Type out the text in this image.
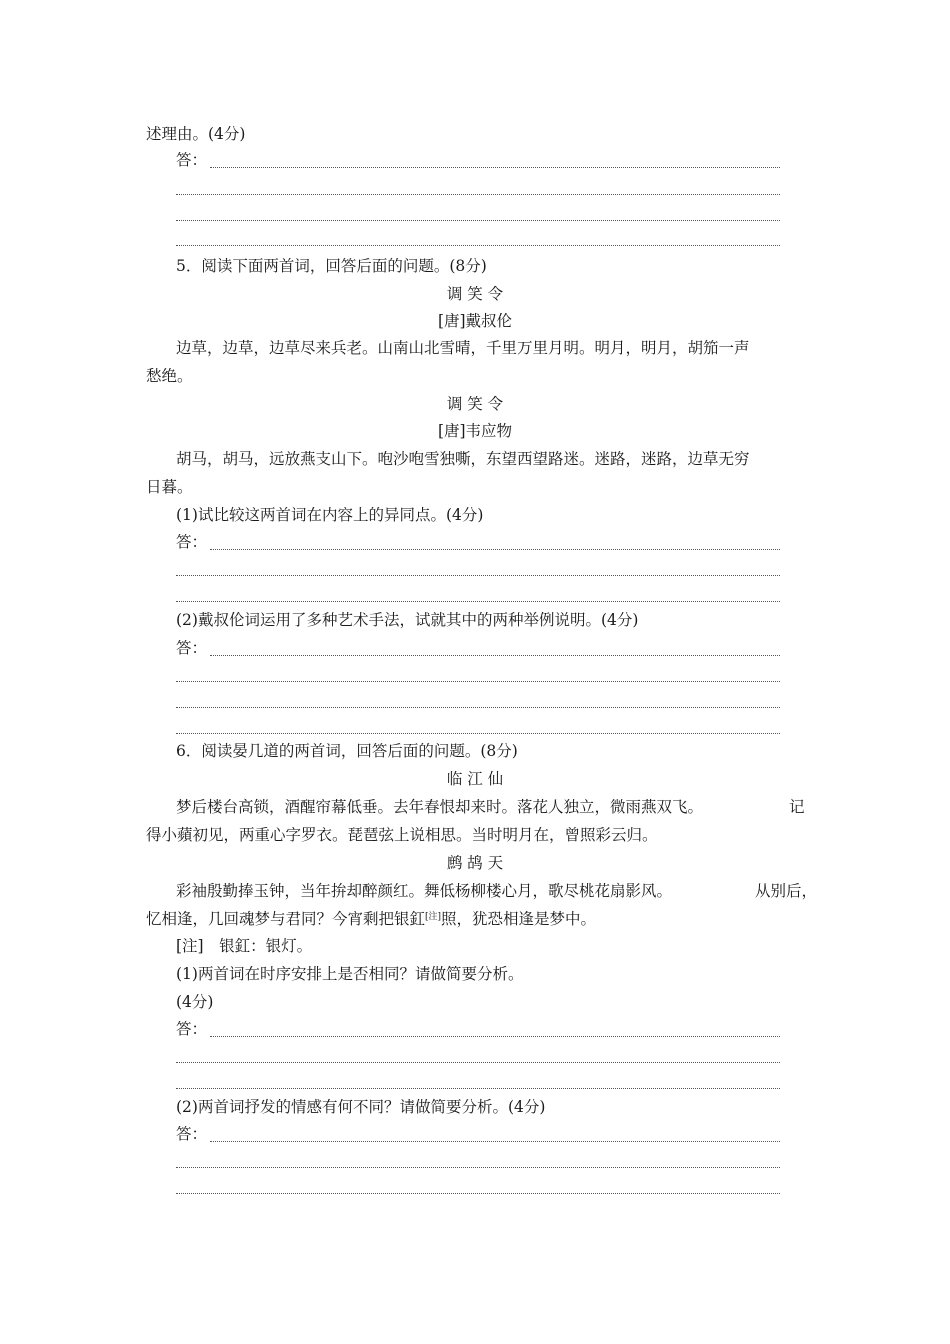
述理由。(4分)
答：
5．阅读下面两首词，回答后面的问题。(8分)
调 笑 令
[唐]戴叔伦
边草，边草，边草尽来兵老。山南山北雪晴，千里万里月明。明月，明月，胡笳一声
愁绝。
调 笑 令
[唐]韦应物
胡马，胡马，远放燕支山下。咆沙咆雪独嘶，东望西望路迷。迷路，迷路，边草无穷
日暮。
(1)试比较这两首词在内容上的异同点。(4分)
答：
(2)戴叔伦词运用了多种艺术手法，试就其中的两种举例说明。(4分)
答：
6．阅读晏几道的两首词，回答后面的问题。(8分)
临 江 仙
梦后楼台高锁，酒醒帘幕低垂。去年春恨却来时。落花人独立，微雨燕双飞。	记
得小蘋初见，两重心字罗衣。琵琶弦上说相思。当时明月在，曾照彩云归。
鹧 鸪 天
彩袖殷勤捧玉钟，当年拚却醉颜红。舞低杨柳楼心月，歌尽桃花扇影风。	从别后，
忆相逢，几回魂梦与君同？今宵剩把银釭[注]照，犹恐相逢是梦中。
[注]　银釭：银灯。
(1)两首词在时序安排上是否相同？请做简要分析。
(4分)
答：
(2)两首词抒发的情感有何不同？请做简要分析。(4分)
答：
